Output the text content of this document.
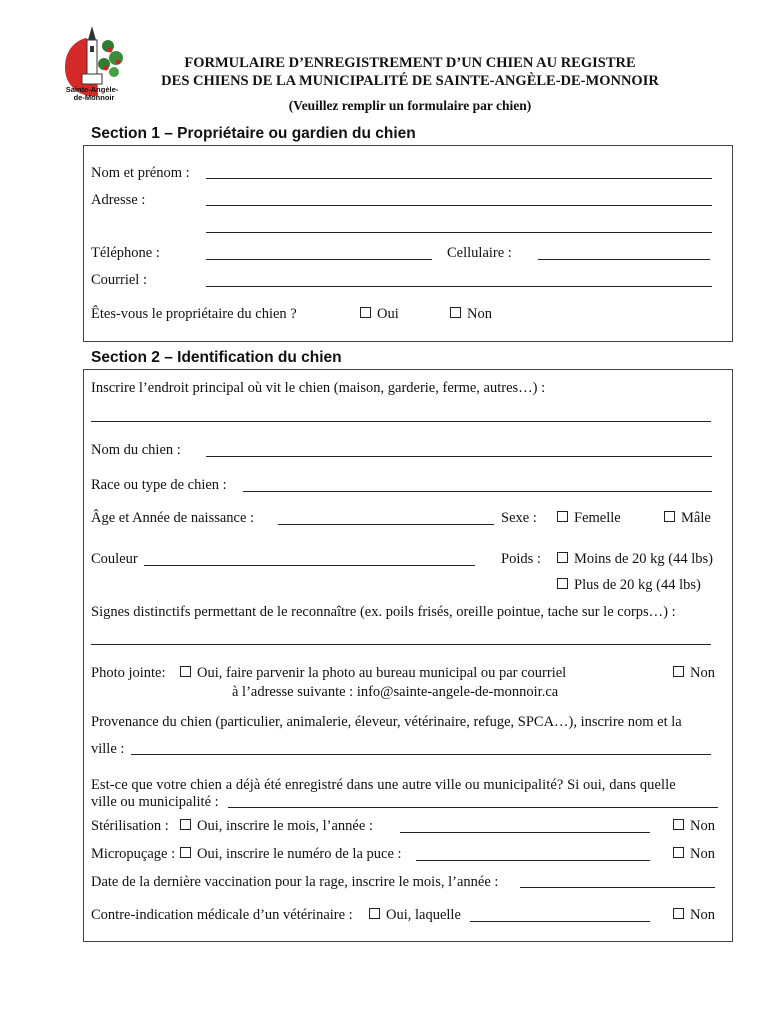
Sainte-Angèle-
de-Monnoir
FORMULAIRE D’ENREGISTREMENT D’UN CHIEN AU REGISTRE
DES CHIENS DE LA MUNICIPALITÉ DE SAINTE-ANGÈLE-DE-MONNOIR
(Veuillez remplir un formulaire par chien)
Section 1 – Propriétaire ou gardien du chien
Nom et prénom :
Adresse :
Téléphone :	Cellulaire :
Courriel :
Êtes-vous le propriétaire du chien ?	Oui	Non
Section 2 – Identification du chien
Inscrire l’endroit principal où vit le chien (maison, garderie, ferme, autres…) :
Nom du chien :
Race ou type de chien :
Âge et Année de naissance :	Sexe :	Femelle	Mâle
Couleur	Poids :	Moins de 20 kg (44 lbs)
Plus de 20 kg (44 lbs)
Signes distinctifs permettant de le reconnaître (ex. poils frisés, oreille pointue, tache sur le corps…) :
Photo jointe:	Oui, faire parvenir la photo au bureau municipal ou par courriel
à l’adresse suivante : info@sainte-angele-de-monnoir.ca
Non
Provenance du chien (particulier, animalerie, éleveur, vétérinaire, refuge, SPCA…), inscrire nom et la
ville :
Est-ce que votre chien a déjà été enregistré dans une autre ville ou municipalité? Si oui, dans quelle
ville ou municipalité :
Stérilisation :	Oui, inscrire le mois, l’année :	Non
Micropuçage :	Oui, inscrire le numéro de la puce :	Non
Date de la dernière vaccination pour la rage, inscrire le mois, l’année :
Contre-indication médicale d’un vétérinaire :	Oui, laquelle	Non
